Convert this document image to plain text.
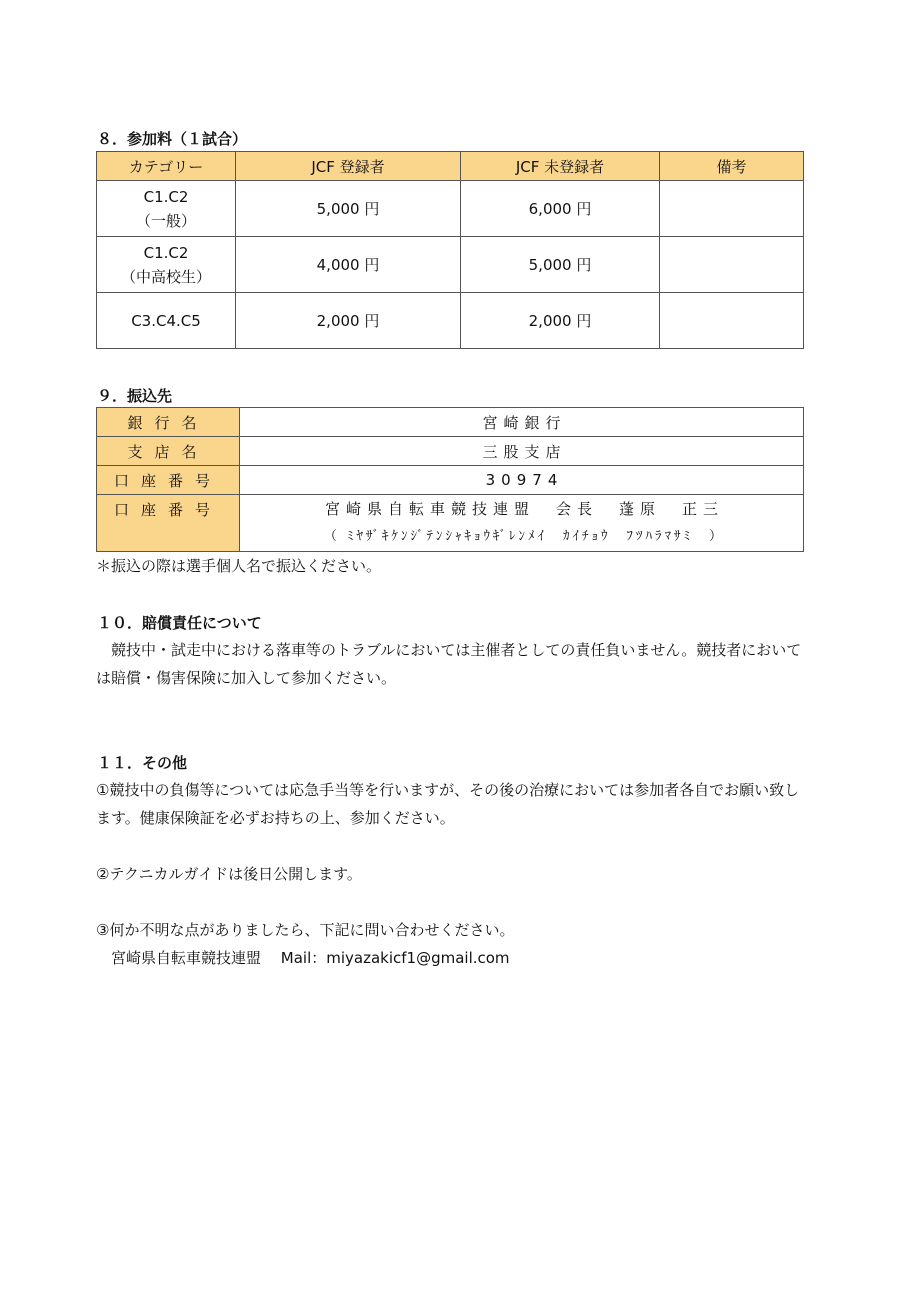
８．参加料（１試合）
カテゴリー	JCF 登録者	JCF 未登録者	備考

C1.C2
（一般）	5,000 円	6,000 円	

C1.C2
（中高校生）	4,000 円	5,000 円	

C3.C4.C5	2,000 円	2,000 円	
９．振込先
銀行名	宮崎銀行
支店名	三股支店
口座番号	30974
口座番号	宮崎県自転車競技連盟　会長　蓬原　正三
（ ﾐﾔｻﾞｷｹﾝｼﾞﾃﾝｼｬｷｮｳｷﾞﾚﾝﾒｲ　ｶｲﾁｮｳ　ﾌﾂﾊﾗﾏｻﾐ　）

＊振込の際は選手個人名で振込ください。

１０．賠償責任について

　競技中・試走中における落車等のトラブルにおいては主催者としての責任負いません。競技者においては賠償・傷害保険に加入して参加ください。

１１．その他

①競技中の負傷等については応急手当等を行いますが、その後の治療においては参加者各自でお願い致します。健康保険証を必ずお持ちの上、参加ください。

②テクニカルガイドは後日公開します。

③何か不明な点がありましたら、下記に問い合わせください。

　宮崎県自転車競技連盟　 Mail：miyazakicf1@gmail.com
